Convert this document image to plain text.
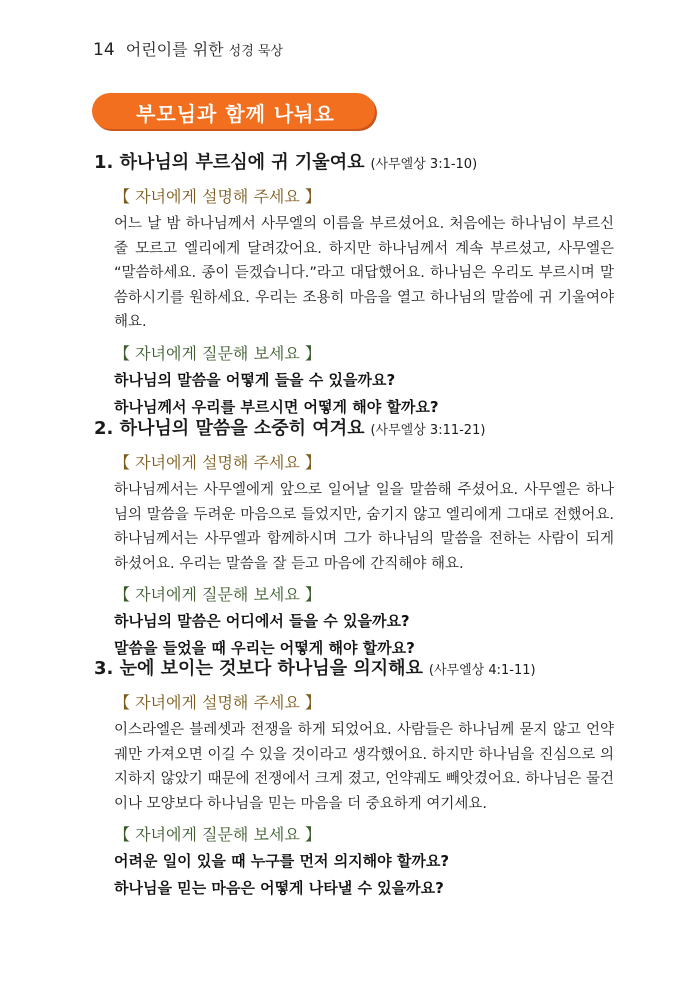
14 어린이를 위한 성경 묵상
부모님과 함께 나눠요

1. 하나님의 부르심에 귀 기울여요 (사무엘상 3:1-10)

【 자녀에게 설명해 주세요 】
어느 날 밤 하나님께서 사무엘의 이름을 부르셨어요. 처음에는 하나님이 부르신 줄 모르고 엘리에게 달려갔어요. 하지만 하나님께서 계속 부르셨고, 사무엘은 “말씀하세요. 종이 듣겠습니다.”라고 대답했어요. 하나님은 우리도 부르시며 말씀하시기를 원하세요. 우리는 조용히 마음을 열고 하나님의 말씀에 귀 기울여야 해요.
【 자녀에게 질문해 보세요 】
하나님의 말씀을 어떻게 들을 수 있을까요?
하나님께서 우리를 부르시면 어떻게 해야 할까요?

2. 하나님의 말씀을 소중히 여겨요 (사무엘상 3:11-21)

【 자녀에게 설명해 주세요 】
하나님께서는 사무엘에게 앞으로 일어날 일을 말씀해 주셨어요. 사무엘은 하나님의 말씀을 두려운 마음으로 들었지만, 숨기지 않고 엘리에게 그대로 전했어요. 하나님께서는 사무엘과 함께하시며 그가 하나님의 말씀을 전하는 사람이 되게 하셨어요. 우리는 말씀을 잘 듣고 마음에 간직해야 해요.
【 자녀에게 질문해 보세요 】
하나님의 말씀은 어디에서 들을 수 있을까요?
말씀을 들었을 때 우리는 어떻게 해야 할까요?

3. 눈에 보이는 것보다 하나님을 의지해요 (사무엘상 4:1-11)

【 자녀에게 설명해 주세요 】
이스라엘은 블레셋과 전쟁을 하게 되었어요. 사람들은 하나님께 묻지 않고 언약궤만 가져오면 이길 수 있을 것이라고 생각했어요. 하지만 하나님을 진심으로 의지하지 않았기 때문에 전쟁에서 크게 졌고, 언약궤도 빼앗겼어요. 하나님은 물건이나 모양보다 하나님을 믿는 마음을 더 중요하게 여기세요.
【 자녀에게 질문해 보세요 】
어려운 일이 있을 때 누구를 먼저 의지해야 할까요?
하나님을 믿는 마음은 어떻게 나타낼 수 있을까요?
